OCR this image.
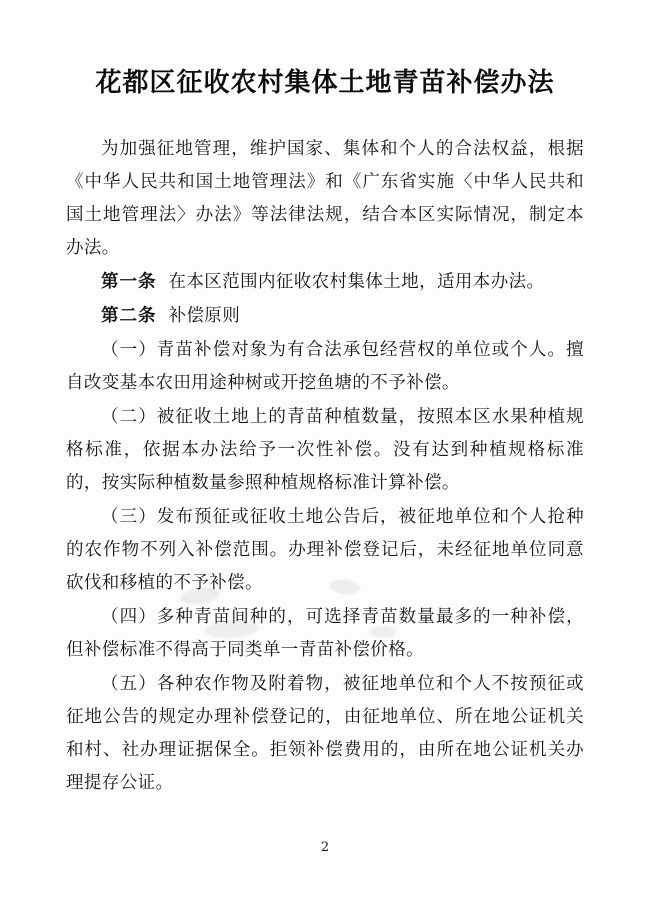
花都区征收农村集体土地青苗补偿办法

为加强征地管理，维护国家、集体和个人的合法权益，根据《中华人民共和国土地管理法》和《广东省实施〈中华人民共和国土地管理法〉办法》等法律法规，结合本区实际情况，制定本办法。

第一条 在本区范围内征收农村集体土地，适用本办法。

第二条 补偿原则

（一）青苗补偿对象为有合法承包经营权的单位或个人。擅自改变基本农田用途种树或开挖鱼塘的不予补偿。

（二）被征收土地上的青苗种植数量，按照本区水果种植规格标准，依据本办法给予一次性补偿。没有达到种植规格标准的，按实际种植数量参照种植规格标准计算补偿。

（三）发布预征或征收土地公告后，被征地单位和个人抢种的农作物不列入补偿范围。办理补偿登记后，未经征地单位同意砍伐和移植的不予补偿。

（四）多种青苗间种的，可选择青苗数量最多的一种补偿，但补偿标准不得高于同类单一青苗补偿价格。

（五）各种农作物及附着物，被征地单位和个人不按预征或征地公告的规定办理补偿登记的，由征地单位、所在地公证机关和村、社办理证据保全。拒领补偿费用的，由所在地公证机关办理提存公证。

2
